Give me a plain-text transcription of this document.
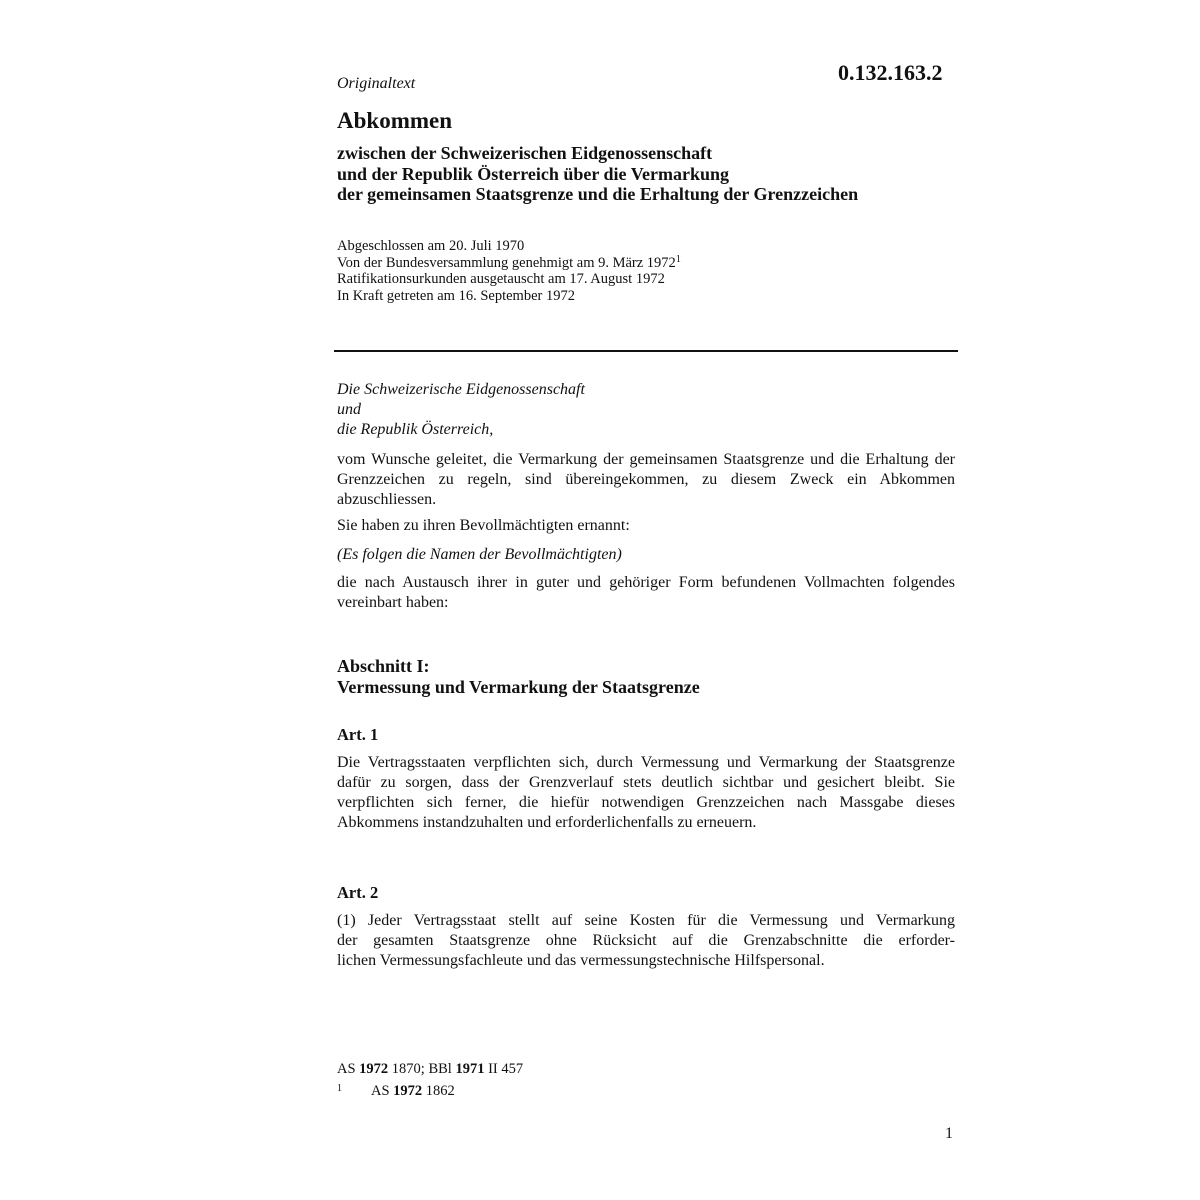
0.132.163.2
Originaltext
Abkommen
zwischen der Schweizerischen Eidgenossenschaft
und der Republik Österreich über die Vermarkung
der gemeinsamen Staatsgrenze und die Erhaltung der Grenzzeichen
Abgeschlossen am 20. Juli 1970
Von der Bundesversammlung genehmigt am 9. März 1972$^1$
Ratifikationsurkunden ausgetauscht am 17. August 1972
In Kraft getreten am 16. September 1972
Die Schweizerische Eidgenossenschaft
und
die Republik Österreich,
vom Wunsche geleitet, die Vermarkung der gemeinsamen Staatsgrenze und die Erhaltung der Grenzzeichen zu regeln, sind übereingekommen, zu diesem Zweck ein Abkommen abzuschliessen.
Sie haben zu ihren Bevollmächtigten ernannt:
(Es folgen die Namen der Bevollmächtigten)
die nach Austausch ihrer in guter und gehöriger Form befundenen Vollmachten folgendes vereinbart haben:
Abschnitt I:
Vermessung und Vermarkung der Staatsgrenze
Art. 1
Die Vertragsstaaten verpflichten sich, durch Vermessung und Vermarkung der Staatsgrenze dafür zu sorgen, dass der Grenzverlauf stets deutlich sichtbar und gesichert bleibt. Sie verpflichten sich ferner, die hiefür notwendigen Grenzzeichen nach Massgabe dieses Abkommens instandzuhalten und erforderlichenfalls zu erneuern.
Art. 2
(1) Jeder Vertragsstaat stellt auf seine Kosten für die Vermessung und Vermarkung
der gesamten Staatsgrenze ohne Rücksicht auf die Grenzabschnitte die erforder-
lichen Vermessungsfachleute und das vermessungstechnische Hilfspersonal.
AS 1972 1870; BBl 1971 II 457
1 AS 1972 1862
1
